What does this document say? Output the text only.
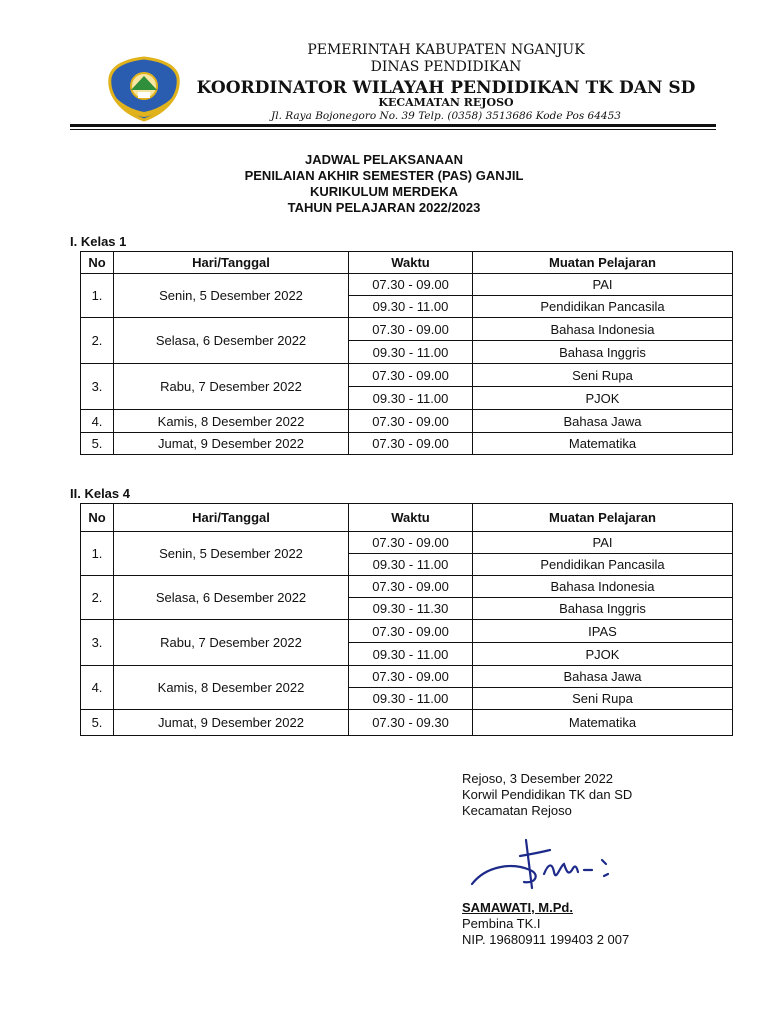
PEMERINTAH KABUPATEN NGANJUK
DINAS PENDIDIKAN
KOORDINATOR WILAYAH PENDIDIKAN TK DAN SD
KECAMATAN REJOSO
Jl. Raya Bojonegoro No. 39 Telp. (0358) 3513686 Kode Pos 64453
JADWAL PELAKSANAAN
PENILAIAN AKHIR SEMESTER (PAS) GANJIL
KURIKULUM MERDEKA
TAHUN PELAJARAN 2022/2023
I. Kelas 1
No	Hari/Tanggal	Waktu	Muatan Pelajaran
1.	Senin, 5 Desember 2022	07.30 - 09.00	PAI
		09.30 - 11.00	Pendidikan Pancasila
2.	Selasa, 6 Desember 2022	07.30 - 09.00	Bahasa Indonesia
		09.30 - 11.00	Bahasa Inggris
3.	Rabu, 7 Desember 2022	07.30 - 09.00	Seni Rupa
		09.30 - 11.00	PJOK
4.	Kamis, 8 Desember 2022	07.30 - 09.00	Bahasa Jawa
5.	Jumat, 9 Desember 2022	07.30 - 09.00	Matematika
II. Kelas 4
No	Hari/Tanggal	Waktu	Muatan Pelajaran
1.	Senin, 5 Desember 2022	07.30 - 09.00	PAI
		09.30 - 11.00	Pendidikan Pancasila
2.	Selasa, 6 Desember 2022	07.30 - 09.00	Bahasa Indonesia
		09.30 - 11.30	Bahasa Inggris
3.	Rabu, 7 Desember 2022	07.30 - 09.00	IPAS
		09.30 - 11.00	PJOK
4.	Kamis, 8 Desember 2022	07.30 - 09.00	Bahasa Jawa
		09.30 - 11.00	Seni Rupa
5.	Jumat, 9 Desember 2022	07.30 - 09.30	Matematika
Rejoso, 3 Desember 2022
Korwil Pendidikan TK dan SD
Kecamatan Rejoso
SAMAWATI, M.Pd.
Pembina TK.I
NIP. 19680911 199403 2 007
